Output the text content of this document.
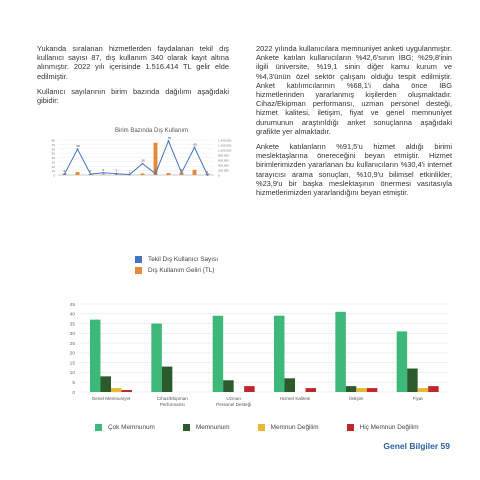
Yukarıda sıralanan hizmetlerden faydalanan tekil dış kullanıcı sayısı 87, dış kullanım 340 olarak kayıt altına alınmıştır. 2022 yılı içerisinde 1.516.414 TL gelir elde edilmiştir.

Kullanıcı sayılarının birim bazında dağılımı aşağıdaki gibidir:

Birim Bazında Dış Kullanım
0
10
20
30
40
50
60
70
80
0
200.000
400.000
600.000
800.000
1.000.000
1.200.000
1.400.000
2
59
2	5	3	1
26
3
78
5
63
0
0
5
10
15
20
25
30
35
40
45
Genel Memnuniyet	Cihaz/Ekipman
Performansı
Uzman
Personel Desteği
Hizmet Kalitesi	İletişim	Fiyat

2022 yılında kullanıcılara memnuniyet anketi uygulanmıştır. Ankete katılan kullanıcıların %42,6'sının İBG; %29,8'inin ilgili üniversite, %19,1 sinin diğer kamu kurum ve %4,3'ünün özel sektör çalışanı olduğu tespit edilmiştir. Anket katılımcılarının %68,1'i daha önce İBG hizmetlerinden yararlanmış kişilerden oluşmaktadır. Cihaz/Ekipman performansı, uzman personel desteği, hizmet kalitesi, iletişim, fiyat ve genel memnuniyet durumunun araştırıldığı anket sonuçlarına aşağıdaki grafikte yer almaktadır.

Ankete katılanların %91,5'u hizmet aldığı birimi meslektaşlarına önereceğini beyan etmiştir. Hizmet birimlerimizden yararlanan bu kullanıcıların %30,4'i internet tarayıcısı arama sonuçları, %10,9'u bilimsel etkinlikler, %23,9'u bir başka meslektaşının önermesi vasıtasıyla hizmetlerimizden yararlandığını beyan etmiştir.

Tekil Dış Kullanıcı Sayısı
Dış Kullanım Geliri (TL)
Çok Memnunum	Memnunum	Memnun Değilim	Hiç Memnun Değilim
Genel Bilgiler 59
